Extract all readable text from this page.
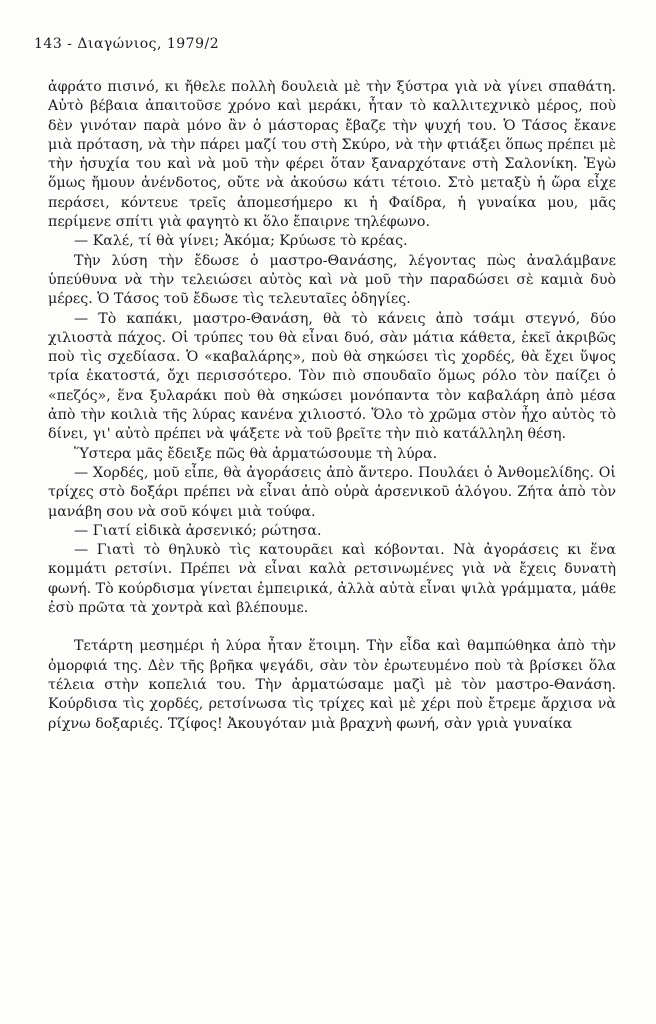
143 - Διαγώνιος, 1979/2

ἀφράτο πισινό, κι ἤθελε πολλὴ δουλειὰ μὲ τὴν ξύστρα γιὰ νὰ γίνει σπαθάτη. Αὐτὸ βέβαια ἀπαιτοῦσε χρόνο καὶ μεράκι, ἦταν τὸ καλλιτεχνικὸ μέρος, ποὺ δὲν γινόταν παρὰ μόνο ἂν ὁ μάστορας ἔβαζε τὴν ψυχή του. Ὁ Τάσος ἔκανε μιὰ πρόταση, νὰ τὴν πάρει μαζί του στὴ Σκύρο, νὰ τὴν φτιάξει ὅπως πρέπει μὲ τὴν ἡσυχία του καὶ νὰ μοῦ τὴν φέρει ὅταν ξαναρχότανε στὴ Σαλονίκη. Ἐγὼ ὅμως ἤμουν ἀνένδοτος, οὔτε νὰ ἀκούσω κάτι τέτοιο. Στὸ μεταξὺ ἡ ὥρα εἶχε περάσει, κόντευε τρεῖς ἀπομεσήμερο κι ἡ Φαίδρα, ἡ γυναίκα μου, μᾶς περίμενε σπίτι γιὰ φαγητὸ κι ὅλο ἔπαιρνε τηλέφωνο.

— Καλέ, τί θὰ γίνει; Ἀκόμα; Κρύωσε τὸ κρέας.

Τὴν λύση τὴν ἔδωσε ὁ μαστρο-Θανάσης, λέγοντας πὼς ἀναλάμβανε ὑπεύθυνα νὰ τὴν τελειώσει αὐτὸς καὶ νὰ μοῦ τὴν παραδώσει σὲ καμιὰ δυὸ μέρες. Ὁ Τάσος τοῦ ἔδωσε τὶς τελευταῖες ὁδηγίες.

— Τὸ καπάκι, μαστρο-Θανάση, θὰ τὸ κάνεις ἀπὸ τσάμι στεγνό, δύο χιλιοστὰ πάχος. Οἱ τρύπες του θὰ εἶναι δυό, σὰν μάτια κάθετα, ἐκεῖ ἀκριβῶς ποὺ τὶς σχεδίασα. Ὁ «καβαλάρης», ποὺ θὰ σηκώσει τὶς χορδές, θὰ ἔχει ὕψος τρία ἑκατοστά, ὄχι περισσότερο. Τὸν πιὸ σπουδαῖο ὅμως ρόλο τὸν παίζει ὁ «πεζός», ἕνα ξυλαράκι ποὺ θὰ σηκώσει μονόπαντα τὸν καβαλάρη ἀπὸ μέσα ἀπὸ τὴν κοιλιὰ τῆς λύρας κανένα χιλιοστό. Ὅλο τὸ χρῶμα στὸν ἦχο αὐτὸς τὸ δίνει, γι' αὐτὸ πρέπει νὰ ψάξετε νὰ τοῦ βρεῖτε τὴν πιὸ κατάλληλη θέση.

Ὕστερα μᾶς ἔδειξε πῶς θὰ ἀρματώσουμε τὴ λύρα.

— Χορδές, μοῦ εἶπε, θὰ ἀγοράσεις ἀπὸ ἄντερο. Πουλάει ὁ Ἀνθομελίδης. Οἱ τρίχες στὸ δοξάρι πρέπει νὰ εἶναι ἀπὸ οὐρὰ ἀρσενικοῦ ἀλόγου. Ζήτα ἀπὸ τὸν μανάβη σου νὰ σοῦ κόψει μιὰ τούφα.

— Γιατί εἰδικὰ ἀρσενικό; ρώτησα.

— Γιατὶ τὸ θηλυκὸ τὶς κατουρᾶει καὶ κόβονται. Νὰ ἀγοράσεις κι ἕνα κομμάτι ρετσίνι. Πρέπει νὰ εἶναι καλὰ ρετσινωμένες γιὰ νὰ ἔχεις δυνατὴ φωνή. Τὸ κούρδισμα γίνεται ἐμπειρικά, ἀλλὰ αὐτὰ εἶναι ψιλὰ γράμματα, μάθε ἐσὺ πρῶτα τὰ χοντρὰ καὶ βλέπουμε.

Τετάρτη μεσημέρι ἡ λύρα ἦταν ἕτοιμη. Τὴν εἶδα καὶ θαμπώθηκα ἀπὸ τὴν ὀμορφιά της. Δὲν τῆς βρῆκα ψεγάδι, σὰν τὸν ἐρωτευμένο ποὺ τὰ βρίσκει ὅλα τέλεια στὴν κοπελιά του. Τὴν ἀρματώσαμε μαζὶ μὲ τὸν μαστρο-Θανάση. Κούρδισα τὶς χορδές, ρετσίνωσα τὶς τρίχες καὶ μὲ χέρι ποὺ ἔτρεμε ἄρχισα νὰ ρίχνω δοξαριές. Τζίφος! Ἀκουγόταν μιὰ βραχνὴ φωνή, σὰν γριὰ γυναίκα
